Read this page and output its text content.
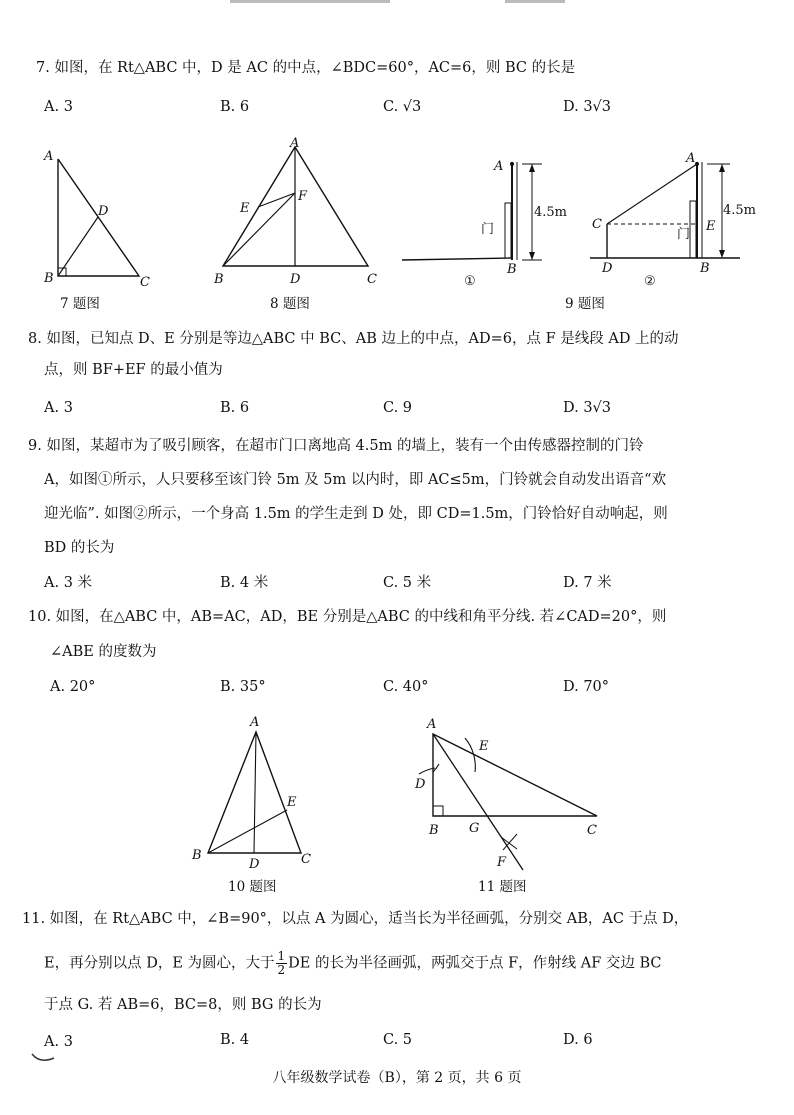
7. 如图，在 Rt△ABC 中，D 是 AC 的中点，∠BDC=60°，AC=6，则 BC 的长是
A. 3	B. 6	C. √3	D. 3√3
A
D
B	C
7 题图
A
F
E
B	D	C
8 题图
A
B
门
4.5m
①
A
C	E
D	B
门
4.5m
②
9 题图
8. 如图，已知点 D、E 分别是等边△ABC 中 BC、AB 边上的中点，AD=6，点 F 是线段 AD 上的动
点，则 BF+EF 的最小值为
A. 3	B. 6	C. 9	D. 3√3
9. 如图，某超市为了吸引顾客，在超市门口离地高 4.5m 的墙上，装有一个由传感器控制的门铃
A，如图①所示，人只要移至该门铃 5m 及 5m 以内时，即 AC≤5m，门铃就会自动发出语音“欢
迎光临”. 如图②所示，一个身高 1.5m 的学生走到 D 处，即 CD=1.5m，门铃恰好自动响起，则
BD 的长为
A. 3 米	B. 4 米	C. 5 米	D. 7 米
10. 如图，在△ABC 中，AB=AC，AD，BE 分别是△ABC 的中线和角平分线. 若∠CAD=20°，则
∠ABE 的度数为
A. 20°	B. 35°	C. 40°	D. 70°
A
E
B
D	C
10 题图
A
E
D
B G	C
F
11 题图
11. 如图，在 Rt△ABC 中，∠B=90°，以点 A 为圆心，适当长为半径画弧，分别交 AB，AC 于点 D，
E，再分别以点 D，E 为圆心，大于 $\frac{1}{2}$ DE 的长为半径画弧，两弧交于点 F，作射线 AF 交边 BC
于点 G. 若 AB=6，BC=8，则 BG 的长为
A. 3	B. 4	C. 5	D. 6
八年级数学试卷（B），第 2 页，共 6 页
